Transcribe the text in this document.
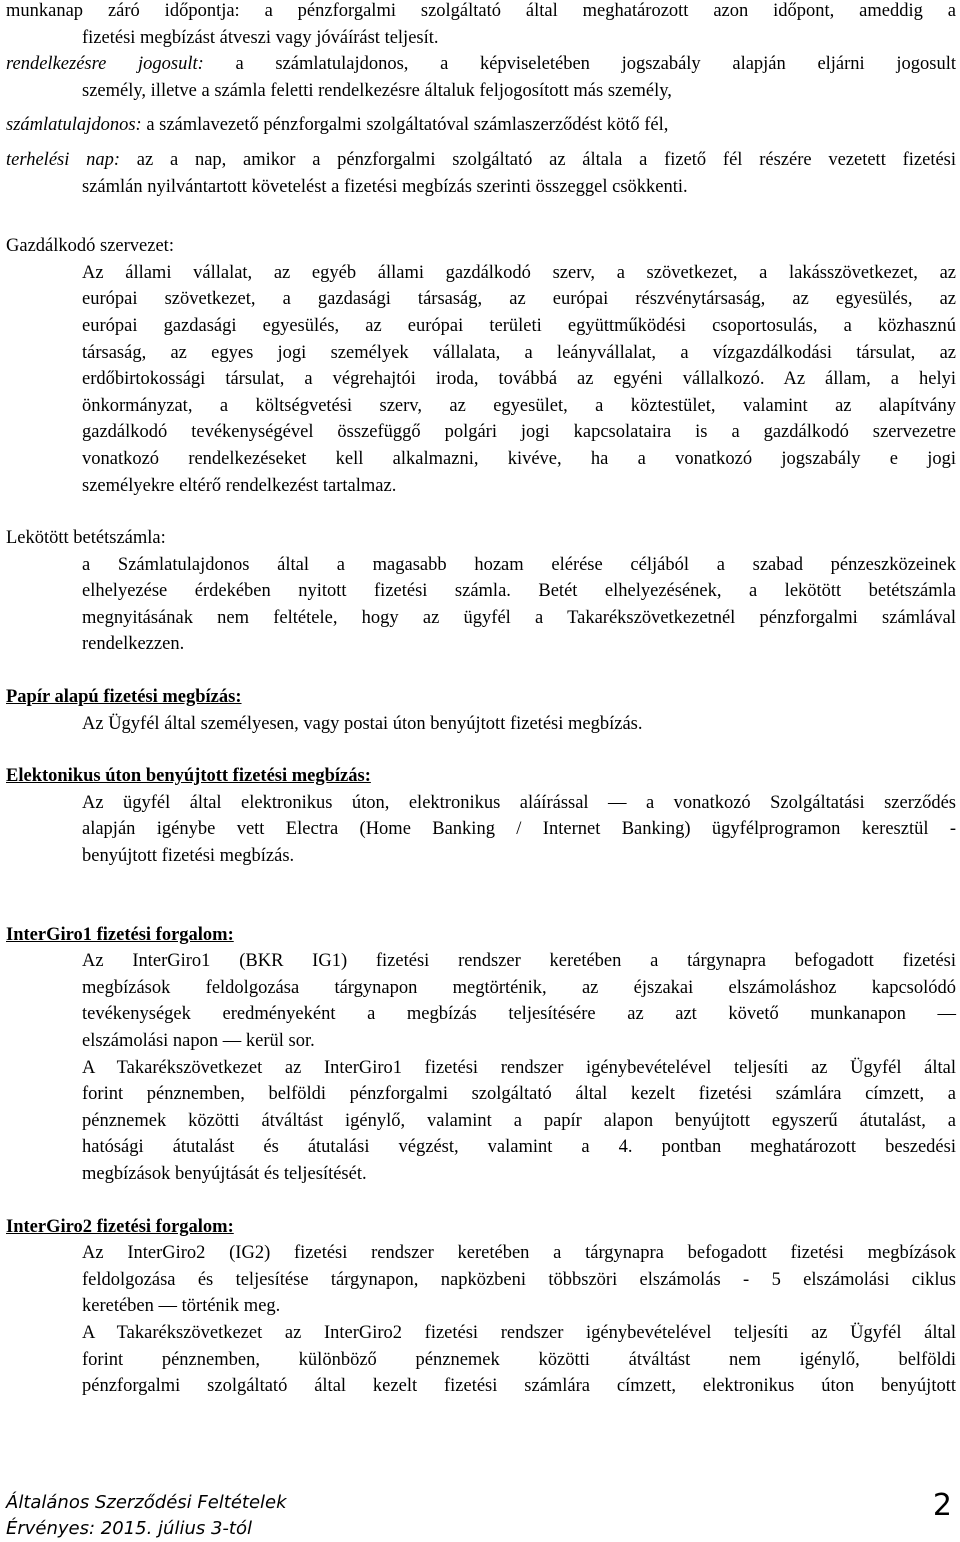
munkanap záró időpontja: a pénzforgalmi szolgáltató által meghatározott azon időpont, ameddig a
fizetési megbízást átveszi vagy jóváírást teljesít.
rendelkezésre jogosult: a számlatulajdonos, a képviseletében jogszabály alapján eljárni jogosult
személy, illetve a számla feletti rendelkezésre általuk feljogosított más személy,
számlatulajdonos: a számlavezető pénzforgalmi szolgáltatóval számlaszerződést kötő fél,
terhelési nap: az a nap, amikor a pénzforgalmi szolgáltató az általa a fizető fél részére vezetett fizetési
számlán nyilvántartott követelést a fizetési megbízás szerinti összeggel csökkenti.
Gazdálkodó szervezet:
Az állami vállalat, az egyéb állami gazdálkodó szerv, a szövetkezet, a lakásszövetkezet, az
európai szövetkezet, a gazdasági társaság, az európai részvénytársaság, az egyesülés, az
európai gazdasági egyesülés, az európai területi együttműködési csoportosulás, a közhasznú
társaság, az egyes jogi személyek vállalata, a leányvállalat, a vízgazdálkodási társulat, az
erdőbirtokossági társulat, a végrehajtói iroda, továbbá az egyéni vállalkozó. Az állam, a helyi
önkormányzat, a költségvetési szerv, az egyesület, a köztestület, valamint az alapítvány
gazdálkodó tevékenységével összefüggő polgári jogi kapcsolataira is a gazdálkodó szervezetre
vonatkozó rendelkezéseket kell alkalmazni, kivéve, ha a vonatkozó jogszabály e jogi
személyekre eltérő rendelkezést tartalmaz.
Lekötött betétszámla:
a Számlatulajdonos által a magasabb hozam elérése céljából a szabad pénzeszközeinek
elhelyezése érdekében nyitott fizetési számla. Betét elhelyezésének, a lekötött betétszámla
megnyitásának nem feltétele, hogy az ügyfél a Takarékszövetkezetnél pénzforgalmi számlával
rendelkezzen.
Papír alapú fizetési megbízás:
Az Ügyfél által személyesen, vagy postai úton benyújtott fizetési megbízás.
Elektonikus úton benyújtott fizetési megbízás:
Az ügyfél által elektronikus úton, elektronikus aláírással — a vonatkozó Szolgáltatási szerződés
alapján igénybe vett Electra (Home Banking / Internet Banking) ügyfélprogramon keresztül -
benyújtott fizetési megbízás.
InterGiro1 fizetési forgalom:
Az InterGiro1 (BKR IG1) fizetési rendszer keretében a tárgynapra befogadott fizetési
megbízások feldolgozása tárgynapon megtörténik, az éjszakai elszámoláshoz kapcsolódó
tevékenységek eredményeként a megbízás teljesítésére az azt követő munkanapon —
elszámolási napon — kerül sor.
A Takarékszövetkezet az InterGiro1 fizetési rendszer igénybevételével teljesíti az Ügyfél által
forint pénznemben, belföldi pénzforgalmi szolgáltató által kezelt fizetési számlára címzett, a
pénznemek közötti átváltást igénylő, valamint a papír alapon benyújtott egyszerű átutalást, a
hatósági átutalást és átutalási végzést, valamint a 4. pontban meghatározott beszedési
megbízások benyújtását és teljesítését.
InterGiro2 fizetési forgalom:
Az InterGiro2 (IG2) fizetési rendszer keretében a tárgynapra befogadott fizetési megbízások
feldolgozása és teljesítése tárgynapon, napközbeni többszöri elszámolás - 5 elszámolási ciklus
keretében — történik meg.
A Takarékszövetkezet az InterGiro2 fizetési rendszer igénybevételével teljesíti az Ügyfél által
forint pénznemben, különböző pénznemek közötti átváltást nem igénylő, belföldi
pénzforgalmi szolgáltató által kezelt fizetési számlára címzett, elektronikus úton benyújtott
Általános Szerződési Feltételek
Érvényes: 2015. július 3-tól
2
